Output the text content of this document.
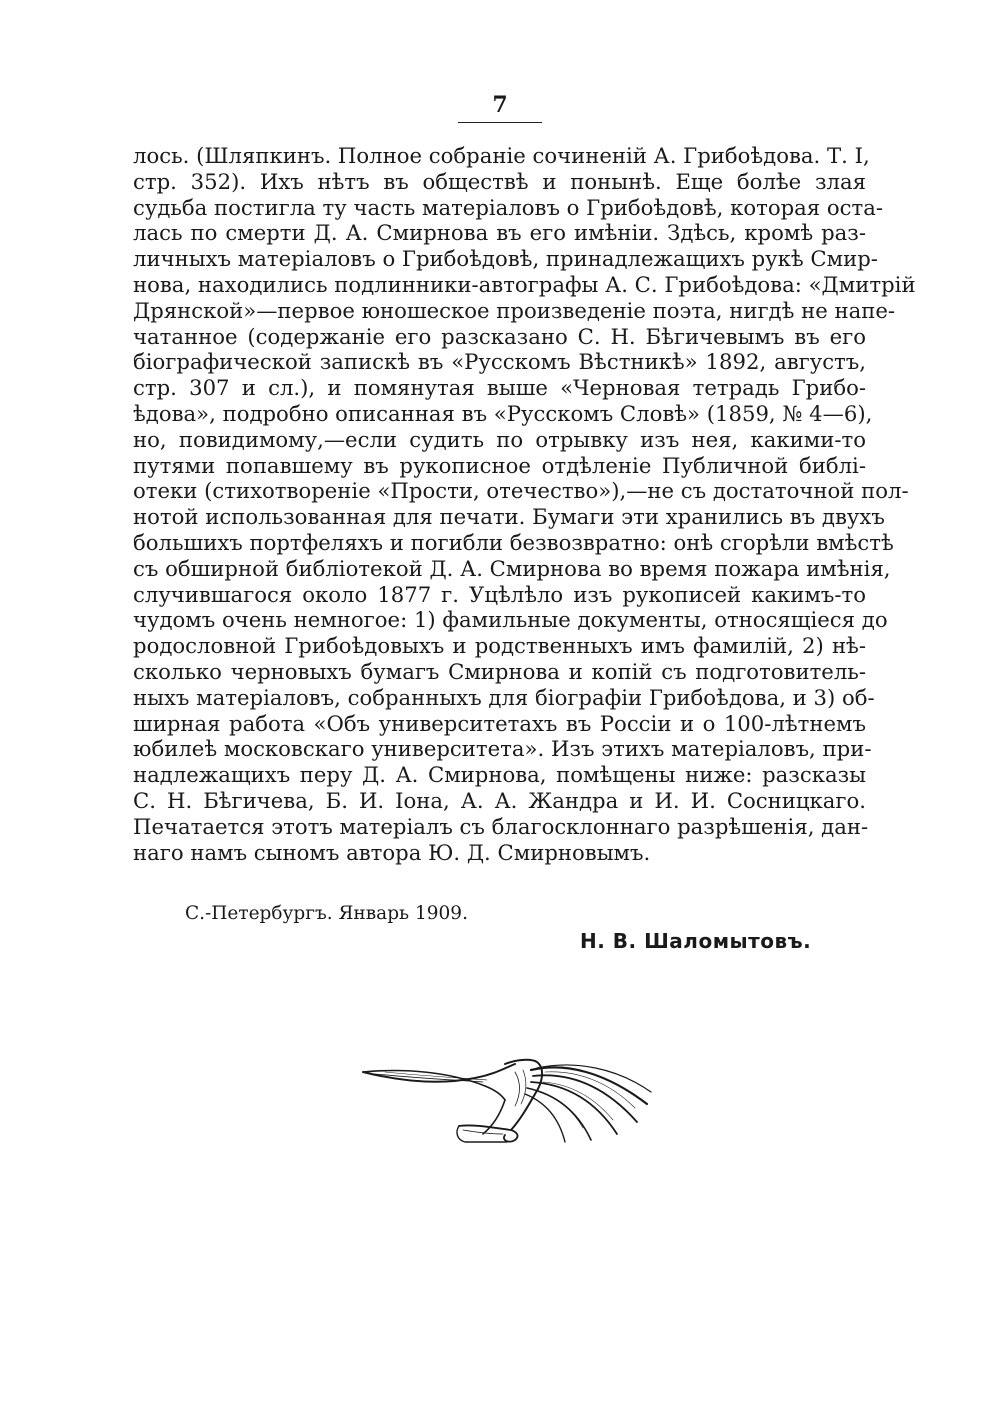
7
лось. (Шляпкинъ. Полное собраніе сочиненій А. Грибоѣдова. Т. I,
стр. 352). Ихъ нѣтъ въ обществѣ и понынѣ. Еще болѣе злая
судьба постигла ту часть матеріаловъ о Грибоѣдовѣ, которая оста-
лась по смерти Д. А. Смирнова въ его имѣніи. Здѣсь, кромѣ раз-
личныхъ матеріаловъ о Грибоѣдовѣ, принадлежащихъ рукѣ Смир-
нова, находились подлинники-автографы А. С. Грибоѣдова: «Дмитрій
Дрянской»—первое юношеское произведеніе поэта, нигдѣ не напе-
чатанное (содержаніе его разсказано С. Н. Бѣгичевымъ въ его
біографической запискѣ въ «Русскомъ Вѣстникѣ» 1892, августъ,
стр. 307 и сл.), и помянутая выше «Черновая тетрадь Грибо-
ѣдова», подробно описанная въ «Русскомъ Словѣ» (1859, № 4—6),
но, повидимому,—если судить по отрывку изъ нея, какими-то
путями попавшему въ рукописное отдѣленіе Публичной библі-
отеки (стихотвореніе «Прости, отечество»),—не съ достаточной пол-
нотой использованная для печати. Бумаги эти хранились въ двухъ
большихъ портфеляхъ и погибли безвозвратно: онѣ сгорѣли вмѣстѣ
съ обширной библіотекой Д. А. Смирнова во время пожара имѣнія,
случившагося около 1877 г. Уцѣлѣло изъ рукописей какимъ-то
чудомъ очень немногое: 1) фамильные документы, относящіеся до
родословной Грибоѣдовыхъ и родственныхъ имъ фамилій, 2) нѣ-
сколько черновыхъ бумагъ Смирнова и копій съ подготовитель-
ныхъ матеріаловъ, собранныхъ для біографіи Грибоѣдова, и 3) об-
ширная работа «Объ университетахъ въ Россіи и о 100-лѣтнемъ
юбилеѣ московскаго университета». Изъ этихъ матеріаловъ, при-
надлежащихъ перу Д. А. Смирнова, помѣщены ниже: разсказы
С. Н. Бѣгичева, Б. И. Іона, А. А. Жандра и И. И. Сосницкаго.
Печатается этотъ матеріалъ съ благосклоннаго разрѣшенія, дан-
наго намъ сыномъ автора Ю. Д. Смирновымъ.
С.-Петербургъ. Январь 1909.
Н. В. Шаломытовъ.
